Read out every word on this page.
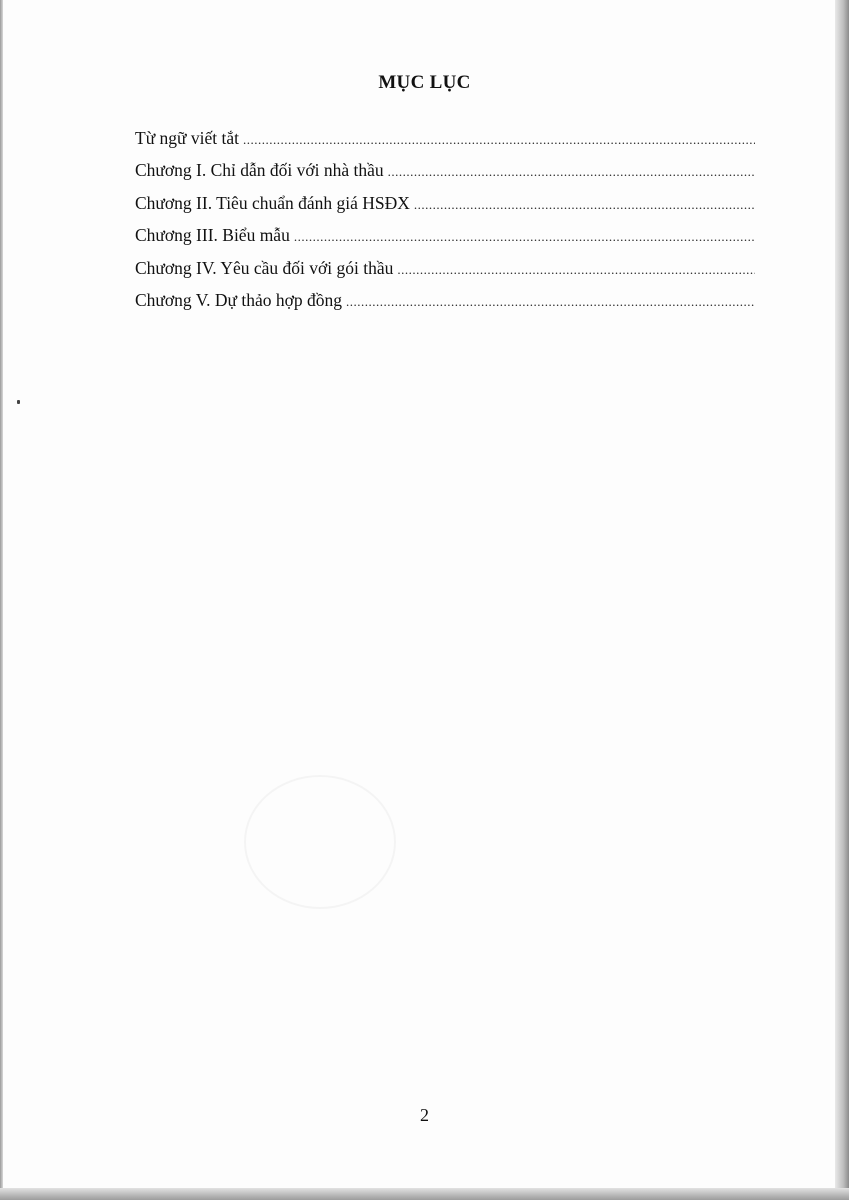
MỤC LỤC
Từ ngữ viết tắt
.....
Chương I. Chỉ dẫn đối với nhà thầu
.....
Chương II. Tiêu chuẩn đánh giá HSĐX
.....
Chương III. Biểu mẫu
.....
Chương IV. Yêu cầu đối với gói thầu
.....
Chương V. Dự thảo hợp đồng
.....
2
